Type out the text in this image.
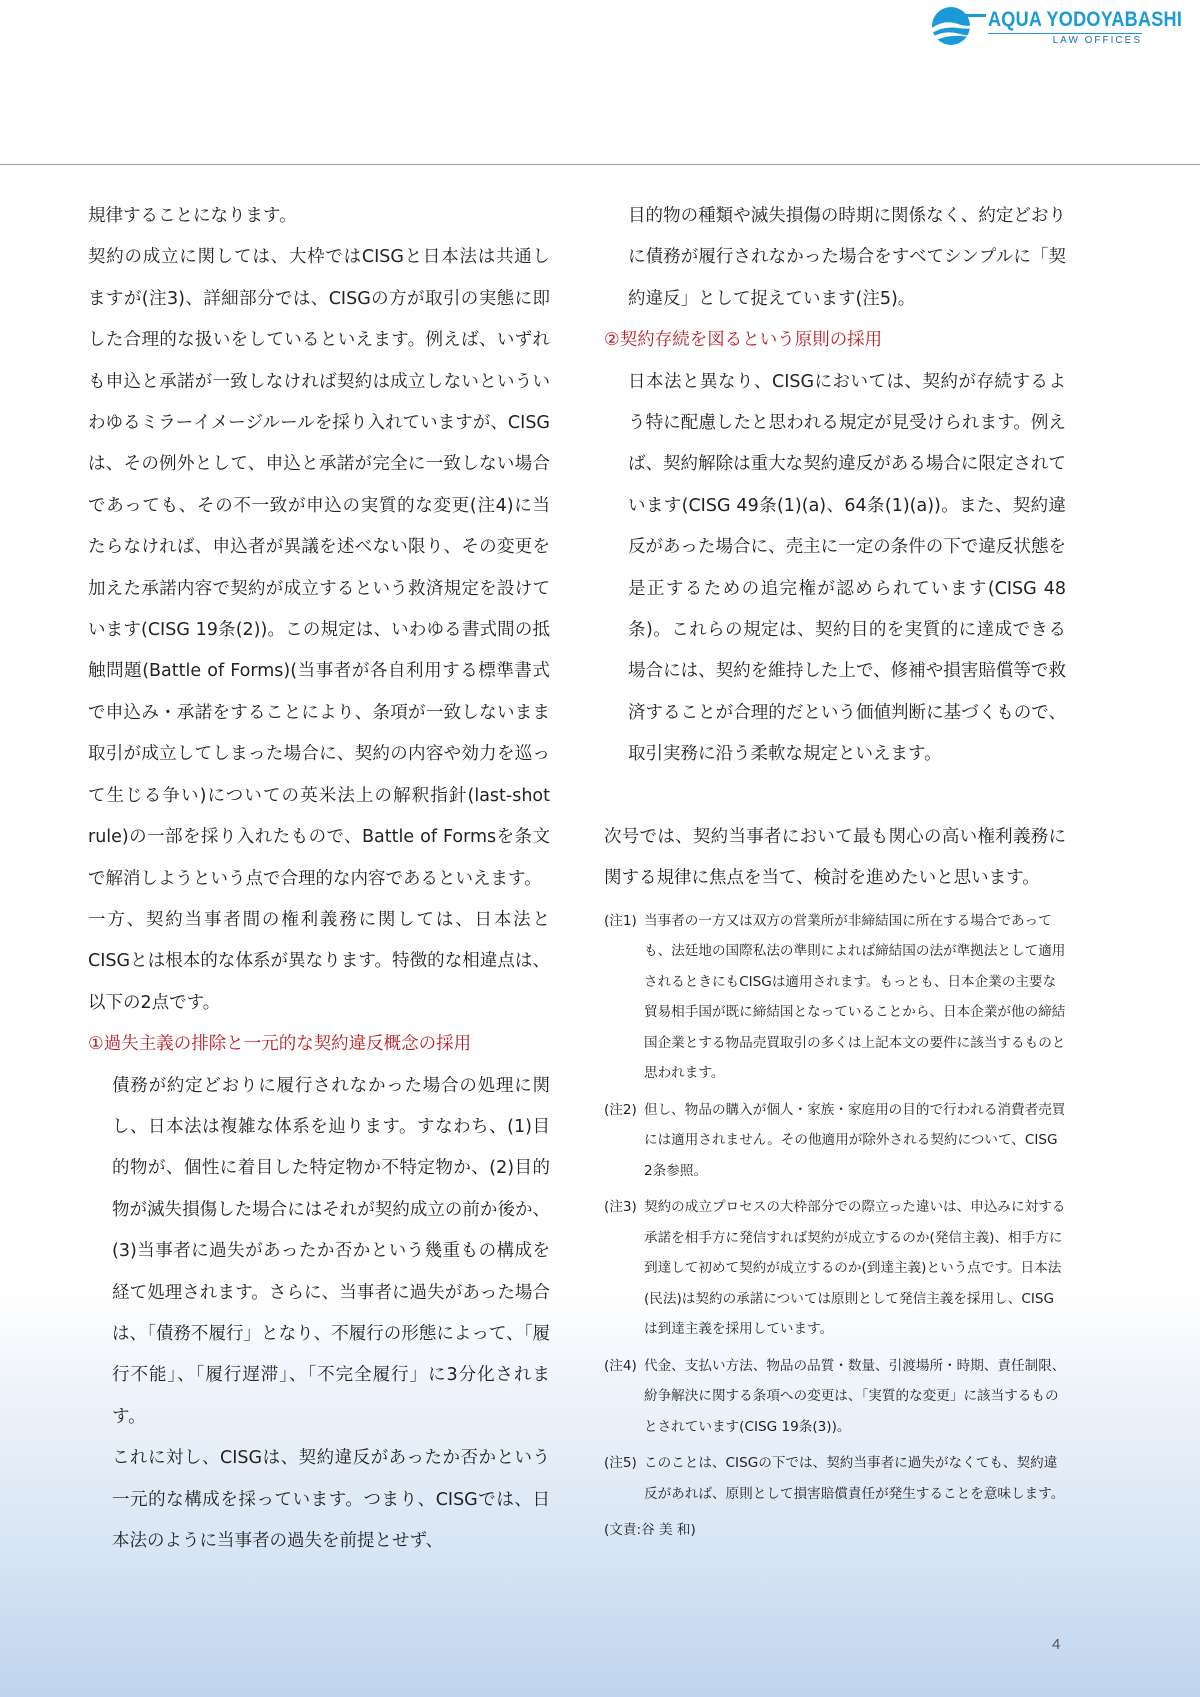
AQUA YODOYABASHI
LAW OFFICES
規律することになります。
契約の成立に関しては、大枠ではCISGと日本法は共通しますが(注3)、詳細部分では、CISGの方が取引の実態に即した合理的な扱いをしているといえます。例えば、いずれも申込と承諾が一致しなければ契約は成立しないといういわゆるミラーイメージルールを採り入れていますが、CISGは、その例外として、申込と承諾が完全に一致しない場合であっても、その不一致が申込の実質的な変更(注4)に当たらなければ、申込者が異議を述べない限り、その変更を加えた承諾内容で契約が成立するという救済規定を設けています(CISG 19条(2))。この規定は、いわゆる書式間の抵触問題(Battle of Forms)(当事者が各自利用する標準書式で申込み・承諾をすることにより、条項が一致しないまま取引が成立してしまった場合に、契約の内容や効力を巡って生じる争い)についての英米法上の解釈指針(last-shot rule)の一部を採り入れたもので、Battle of Formsを条文で解消しようという点で合理的な内容であるといえます。
一方、契約当事者間の権利義務に関しては、日本法とCISGとは根本的な体系が異なります。特徴的な相違点は、以下の2点です。
①過失主義の排除と一元的な契約違反概念の採用
債務が約定どおりに履行されなかった場合の処理に関し、日本法は複雑な体系を辿ります。すなわち、(1)目的物が、個性に着目した特定物か不特定物か、(2)目的物が滅失損傷した場合にはそれが契約成立の前か後か、(3)当事者に過失があったか否かという幾重もの構成を経て処理されます。さらに、当事者に過失があった場合は、「債務不履行」となり、不履行の形態によって、「履行不能」、「履行遅滞」、「不完全履行」に3分化されます。
これに対し、CISGは、契約違反があったか否かという一元的な構成を採っています。つまり、CISGでは、日本法のように当事者の過失を前提とせず、
目的物の種類や滅失損傷の時期に関係なく、約定どおりに債務が履行されなかった場合をすべてシンプルに「契約違反」として捉えています(注5)。
②契約存続を図るという原則の採用
日本法と異なり、CISGにおいては、契約が存続するよう特に配慮したと思われる規定が見受けられます。例えば、契約解除は重大な契約違反がある場合に限定されています(CISG 49条(1)(a)、64条(1)(a))。また、契約違反があった場合に、売主に一定の条件の下で違反状態を是正するための追完権が認められています(CISG 48条)。これらの規定は、契約目的を実質的に達成できる場合には、契約を維持した上で、修補や損害賠償等で救済することが合理的だという価値判断に基づくもので、取引実務に沿う柔軟な規定といえます。
次号では、契約当事者において最も関心の高い権利義務に関する規律に焦点を当て、検討を進めたいと思います。
(注1) 当事者の一方又は双方の営業所が非締結国に所在する場合であっても、法廷地の国際私法の準則によれば締結国の法が準拠法として適用されるときにもCISGは適用されます。もっとも、日本企業の主要な貿易相手国が既に締結国となっていることから、日本企業が他の締結国企業とする物品売買取引の多くは上記本文の要件に該当するものと思われます。
(注2) 但し、物品の購入が個人・家族・家庭用の目的で行われる消費者売買には適用されません。その他適用が除外される契約について、CISG 2条参照。
(注3) 契約の成立プロセスの大枠部分での際立った違いは、申込みに対する承諾を相手方に発信すれば契約が成立するのか(発信主義)、相手方に到達して初めて契約が成立するのか(到達主義)という点です。日本法(民法)は契約の承諾については原則として発信主義を採用し、CISGは到達主義を採用しています。
(注4) 代金、支払い方法、物品の品質・数量、引渡場所・時期、責任制限、紛争解決に関する条項への変更は、「実質的な変更」に該当するものとされています(CISG 19条(3))。
(注5) このことは、CISGの下では、契約当事者に過失がなくても、契約違反があれば、原則として損害賠償責任が発生することを意味します。
(文責:谷 美 和)
4
